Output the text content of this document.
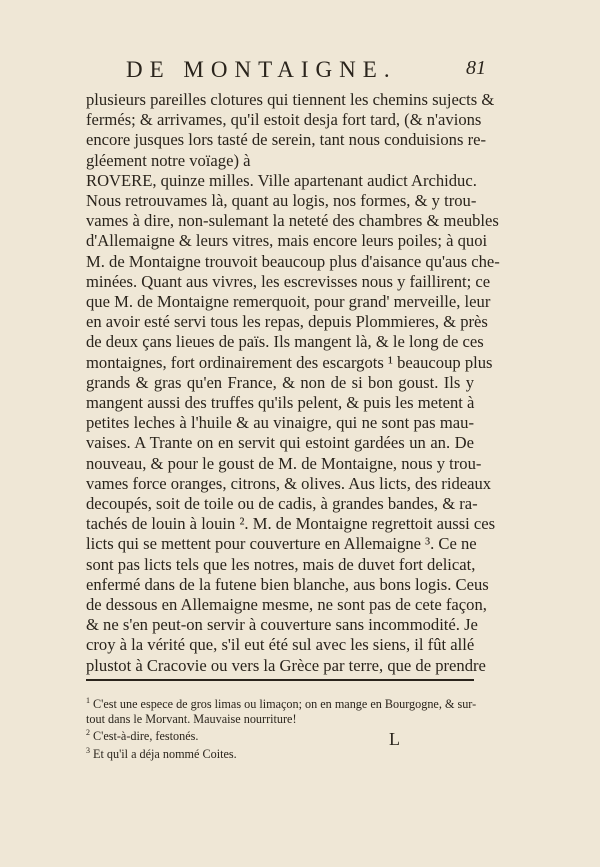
DE MONTAIGNE.	81
plusieurs pareilles clotures qui tiennent les chemins sujects &
fermés; & arrivames, qu'il estoit desja fort tard, (& n'avions
encore jusques lors tasté de serein, tant nous conduisions re-
gléement notre voïage) à
ROVERE, quinze milles. Ville apartenant audict Archiduc.
Nous retrouvames là, quant au logis, nos formes, & y trou-
vames à dire, non-sulemant la neteté des chambres & meubles
d'Allemaigne & leurs vitres, mais encore leurs poiles; à quoi
M. de Montaigne trouvoit beaucoup plus d'aisance qu'aus che-
minées. Quant aus vivres, les escrevisses nous y faillirent; ce
que M. de Montaigne remerquoit, pour grand' merveille, leur
en avoir esté servi tous les repas, depuis Plommieres, & près
de deux çans lieues de païs. Ils mangent là, & le long de ces
montaignes, fort ordinairement des escargots ¹ beaucoup plus
grands & gras qu'en France, & non de si bon goust. Ils y
mangent aussi des truffes qu'ils pelent, & puis les metent à
petites leches à l'huile & au vinaigre, qui ne sont pas mau-
vaises. A Trante on en servit qui estoint gardées un an. De
nouveau, & pour le goust de M. de Montaigne, nous y trou-
vames force oranges, citrons, & olives. Aus licts, des rideaux
decoupés, soit de toile ou de cadis, à grandes bandes, & ra-
tachés de louin à louin ². M. de Montaigne regrettoit aussi ces
licts qui se mettent pour couverture en Allemaigne ³. Ce ne
sont pas licts tels que les notres, mais de duvet fort delicat,
enfermé dans de la futene bien blanche, aus bons logis. Ceus
de dessous en Allemaigne mesme, ne sont pas de cete façon,
& ne s'en peut-on servir à couverture sans incommodité. Je
croy à la vérité que, s'il eut été sul avec les siens, il fût allé
plustot à Cracovie ou vers la Grèce par terre, que de prendre
$^1$ C'est une espece de gros limas ou limaçon; on en mange en Bourgogne, & sur-
tout dans le Morvant. Mauvaise nourriture!
$^2$ C'est-à-dire, festonés.
$^3$ Et qu'il a déja nommé Coites.
L
